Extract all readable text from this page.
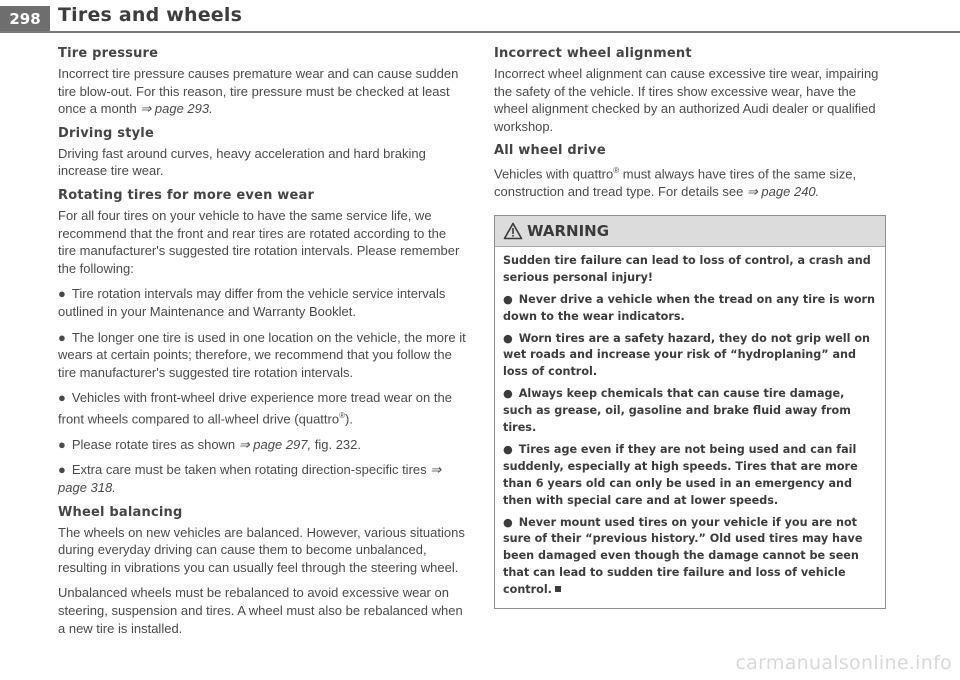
298 Tires and wheels
Tire pressure

Incorrect tire pressure causes premature wear and can cause sudden tire blow-out. For this reason, tire pressure must be checked at least once a month ⇒ page 293.

Driving style

Driving fast around curves, heavy acceleration and hard braking increase tire wear.

Rotating tires for more even wear

For all four tires on your vehicle to have the same service life, we recommend that the front and rear tires are rotated according to the tire manufacturer's suggested tire rotation intervals. Please remember the following:

● Tire rotation intervals may differ from the vehicle service intervals outlined in your Maintenance and Warranty Booklet.

● The longer one tire is used in one location on the vehicle, the more it wears at certain points; therefore, we recommend that you follow the tire manufacturer's suggested tire rotation intervals.

● Vehicles with front-wheel drive experience more tread wear on the front wheels compared to all-wheel drive (quattro®).

● Please rotate tires as shown ⇒ page 297, fig. 232.

● Extra care must be taken when rotating direction-specific tires ⇒ page 318.

Wheel balancing

The wheels on new vehicles are balanced. However, various situations during everyday driving can cause them to become unbalanced, resulting in vibrations you can usually feel through the steering wheel.

Unbalanced wheels must be rebalanced to avoid excessive wear on steering, suspension and tires. A wheel must also be rebalanced when a new tire is installed.

Incorrect wheel alignment

Incorrect wheel alignment can cause excessive tire wear, impairing the safety of the vehicle. If tires show excessive wear, have the wheel alignment checked by an authorized Audi dealer or qualified workshop.

All wheel drive

Vehicles with quattro® must always have tires of the same size, construction and tread type. For details see ⇒ page 240.

WARNING

Sudden tire failure can lead to loss of control, a crash and serious personal injury!

● Never drive a vehicle when the tread on any tire is worn down to the wear indicators.

● Worn tires are a safety hazard, they do not grip well on wet roads and increase your risk of “hydroplaning” and loss of control.

● Always keep chemicals that can cause tire damage, such as grease, oil, gasoline and brake fluid away from tires.

● Tires age even if they are not being used and can fail suddenly, especially at high speeds. Tires that are more than 6 years old can only be used in an emergency and then with special care and at lower speeds.

● Never mount used tires on your vehicle if you are not sure of their “previous history.” Old used tires may have been damaged even though the damage cannot be seen that can lead to sudden tire failure and loss of vehicle control.

carmanualsonline.info
